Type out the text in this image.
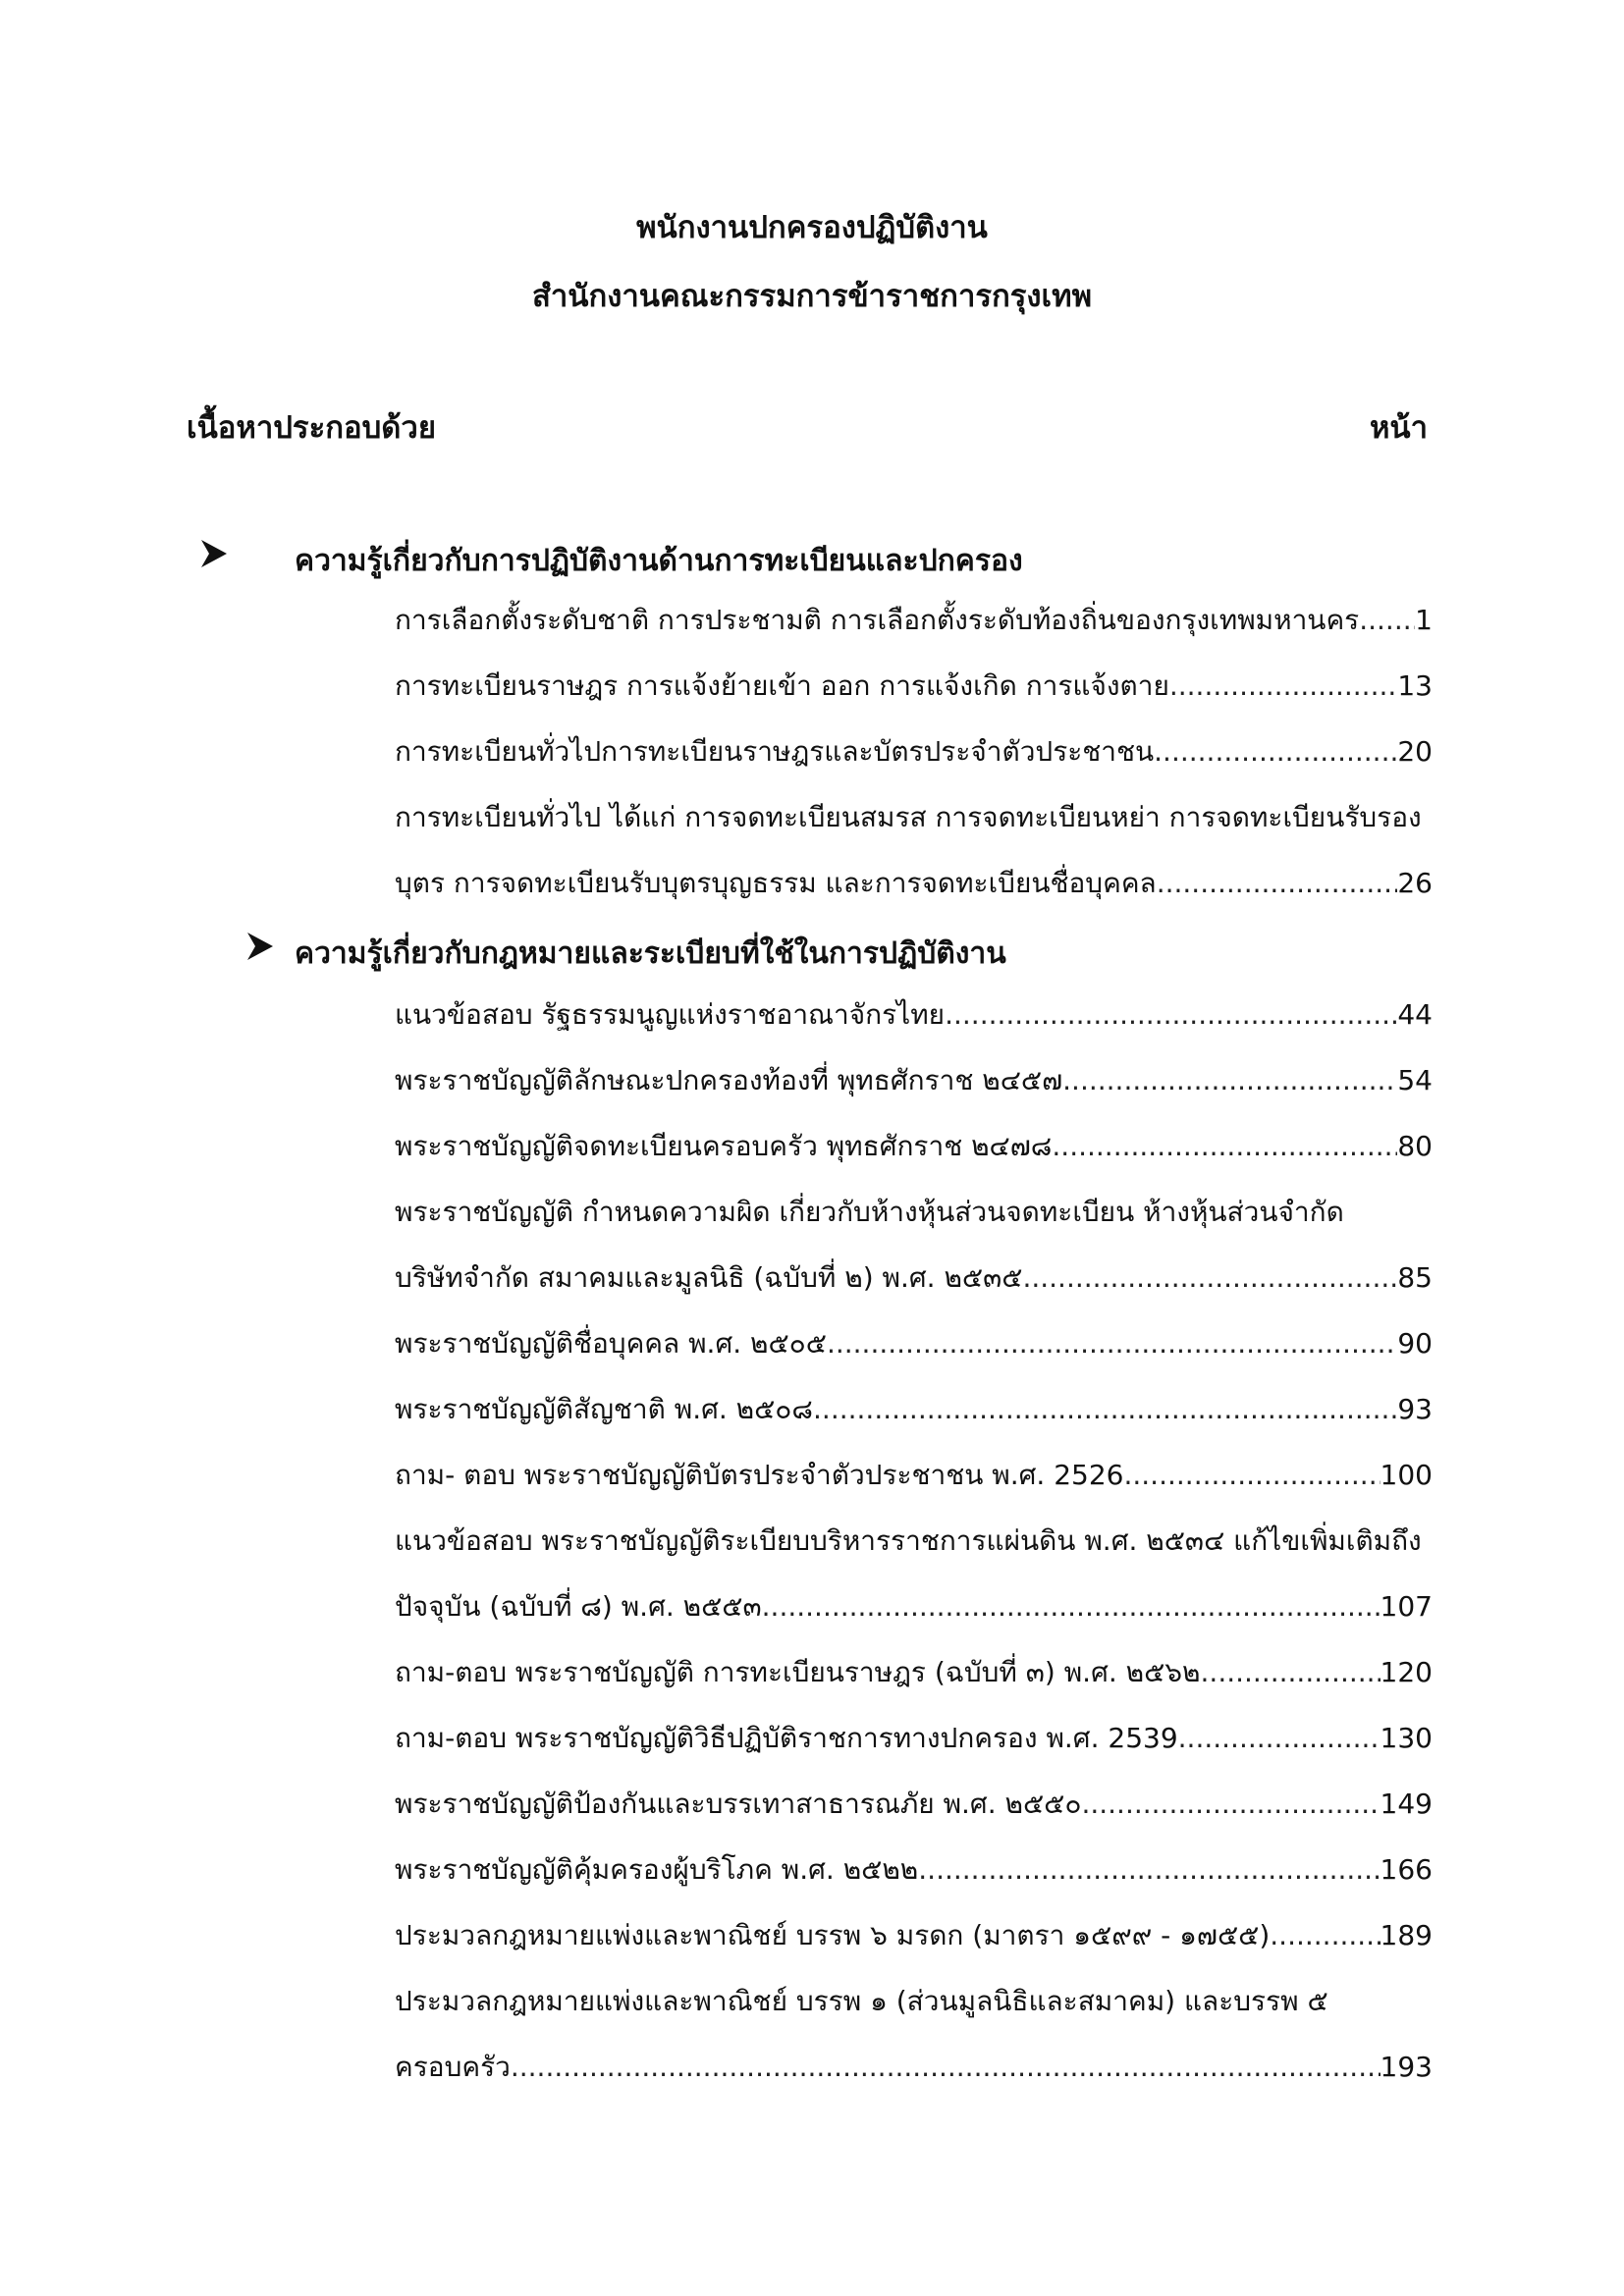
พนักงานปกครองปฏิบัติงาน
สำนักงานคณะกรรมการข้าราชการกรุงเทพ
เนื้อหาประกอบด้วย	หน้า
ความรู้เกี่ยวกับการปฏิบัติงานด้านการทะเบียนและปกครอง
การเลือกตั้งระดับชาติ การประชามติ การเลือกตั้งระดับท้องถิ่นของกรุงเทพมหานคร ..... 1
การทะเบียนราษฎร การแจ้งย้ายเข้า ออก การแจ้งเกิด การแจ้งตาย .....	13
การทะเบียนทั่วไปการทะเบียนราษฎรและบัตรประจำตัวประชาชน .....	20
การทะเบียนทั่วไป ได้แก่ การจดทะเบียนสมรส การจดทะเบียนหย่า การจดทะเบียนรับรอง
บุตร การจดทะเบียนรับบุตรบุญธรรม และการจดทะเบียนชื่อบุคคล .....	26
ความรู้เกี่ยวกับกฎหมายและระเบียบที่ใช้ในการปฏิบัติงาน
แนวข้อสอบ รัฐธรรมนูญแห่งราชอาณาจักรไทย .....	44
พระราชบัญญัติลักษณะปกครองท้องที่ พุทธศักราช ๒๔๕๗ .....	54
พระราชบัญญัติจดทะเบียนครอบครัว พุทธศักราช ๒๔๗๘ .....	80
พระราชบัญญัติ กำหนดความผิด เกี่ยวกับห้างหุ้นส่วนจดทะเบียน ห้างหุ้นส่วนจำกัด
บริษัทจำกัด สมาคมและมูลนิธิ (ฉบับที่ ๒) พ.ศ. ๒๕๓๕ .....	85
พระราชบัญญัติชื่อบุคคล พ.ศ. ๒๕๐๕ .....	90
พระราชบัญญัติสัญชาติ พ.ศ. ๒๕๐๘ .....	93
ถาม- ตอบ พระราชบัญญัติบัตรประจำตัวประชาชน พ.ศ. 2526 .....	100
แนวข้อสอบ พระราชบัญญัติระเบียบบริหารราชการแผ่นดิน พ.ศ. ๒๕๓๔ แก้ไขเพิ่มเติมถึง
ปัจจุบัน (ฉบับที่ ๘) พ.ศ. ๒๕๕๓ .....	107
ถาม-ตอบ พระราชบัญญัติ การทะเบียนราษฎร (ฉบับที่ ๓) พ.ศ. ๒๕๖๒ .....	120
ถาม-ตอบ พระราชบัญญัติวิธีปฏิบัติราชการทางปกครอง พ.ศ. 2539 .....	130
พระราชบัญญัติป้องกันและบรรเทาสาธารณภัย พ.ศ. ๒๕๕๐ .....	149
พระราชบัญญัติคุ้มครองผู้บริโภค พ.ศ. ๒๕๒๒ .....	166
ประมวลกฎหมายแพ่งและพาณิชย์ บรรพ ๖ มรดก (มาตรา ๑๕๙๙ - ๑๗๕๕) .....	189
ประมวลกฎหมายแพ่งและพาณิชย์ บรรพ ๑ (ส่วนมูลนิธิและสมาคม) และบรรพ ๕
ครอบครัว .....	193
